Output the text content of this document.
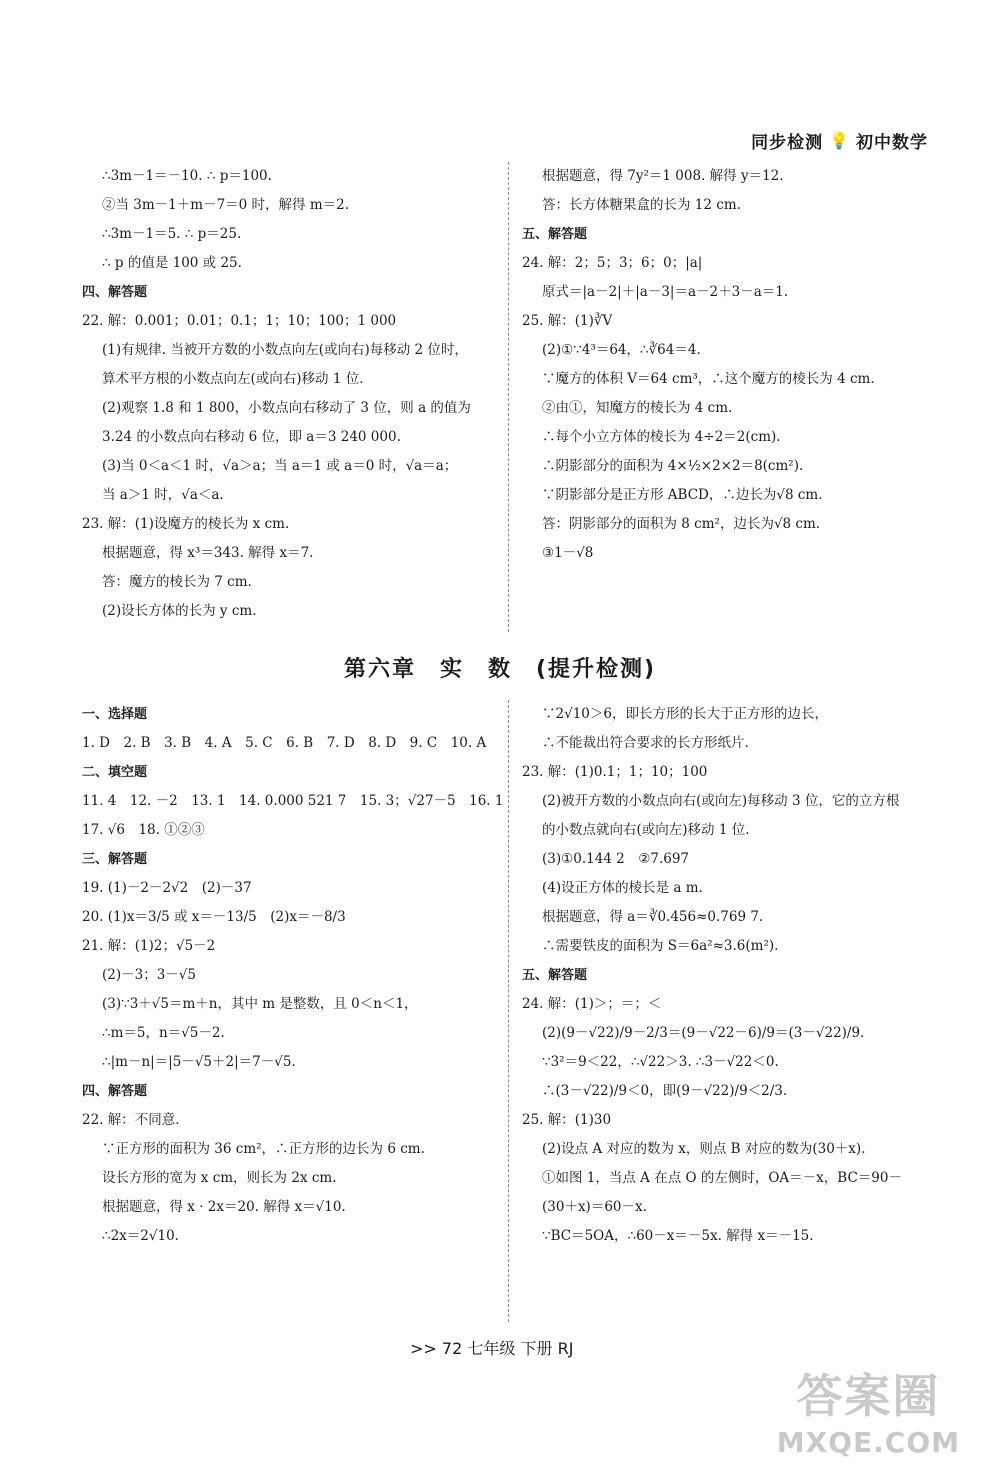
同步检测 💡 初中数学
∴3m－1＝－10. ∴ p＝100.
②当 3m－1＋m－7＝0 时，解得 m＝2.
∴3m－1＝5. ∴ p＝25.
∴ p 的值是 100 或 25.
四、解答题
22. 解：0.001；0.01；0.1；1；10；100；1 000
(1)有规律. 当被开方数的小数点向左(或向右)每移动 2 位时，
算术平方根的小数点向左(或向右)移动 1 位.
(2)观察 1.8 和 1 800，小数点向右移动了 3 位，则 a 的值为
3.24 的小数点向右移动 6 位，即 a＝3 240 000.
(3)当 0＜a＜1 时，√a＞a；当 a＝1 或 a＝0 时，√a＝a；
当 a＞1 时，√a＜a.
23. 解：(1)设魔方的棱长为 x cm.
根据题意，得 x³＝343. 解得 x＝7.
答：魔方的棱长为 7 cm.
(2)设长方体的长为 y cm.
根据题意，得 7y²＝1 008. 解得 y＝12.
答：长方体糖果盒的长为 12 cm.
五、解答题
24. 解：2；5；3；6；0；|a|
原式＝|a－2|＋|a－3|＝a－2＋3－a＝1.
25. 解：(1)∛V
(2)①∵4³＝64，∴∛64＝4.
∵魔方的体积 V＝64 cm³，∴这个魔方的棱长为 4 cm.
②由①，知魔方的棱长为 4 cm.
∴每个小立方体的棱长为 4÷2＝2(cm).
∴阴影部分的面积为 4×½×2×2＝8(cm²).
∵阴影部分是正方形 ABCD，∴边长为√8 cm.
答：阴影部分的面积为 8 cm²，边长为√8 cm.
③1－√8
第六章　实　数　(提升检测)
一、选择题
1. D　2. B　3. B　4. A　5. C　6. B　7. D　8. D　9. C　10. A
二、填空题
11. 4　12. －2　13. 1　14. 0.000 521 7　15. 3；√27－5　16. 1
17. √6　18. ①②③
三、解答题
19. (1)－2－2√2　(2)－37
20. (1)x＝3/5 或 x＝－13/5　(2)x＝－8/3
21. 解：(1)2；√5－2
(2)－3；3－√5
(3)∵3＋√5＝m＋n，其中 m 是整数，且 0＜n＜1，
∴m＝5，n＝√5－2.
∴|m－n|＝|5－√5＋2|＝7－√5.
四、解答题
22. 解：不同意.
∵正方形的面积为 36 cm²，∴正方形的边长为 6 cm.
设长方形的宽为 x cm，则长为 2x cm.
根据题意，得 x · 2x＝20. 解得 x＝√10.
∴2x＝2√10.
∵2√10＞6，即长方形的长大于正方形的边长，
∴不能裁出符合要求的长方形纸片.
23. 解：(1)0.1；1；10；100
(2)被开方数的小数点向右(或向左)每移动 3 位，它的立方根
的小数点就向右(或向左)移动 1 位.
(3)①0.144 2　②7.697
(4)设正方体的棱长是 a m.
根据题意，得 a＝∛0.456≈0.769 7.
∴需要铁皮的面积为 S＝6a²≈3.6(m²).
五、解答题
24. 解：(1)＞；＝；＜
(2)(9－√22)/9－2/3＝(9－√22－6)/9＝(3－√22)/9.
∵3²＝9＜22，∴√22＞3. ∴3－√22＜0.
∴(3－√22)/9＜0，即(9－√22)/9＜2/3.
25. 解：(1)30
(2)设点 A 对应的数为 x，则点 B 对应的数为(30＋x).
①如图 1，当点 A 在点 O 的左侧时，OA＝－x，BC＝90－
(30＋x)＝60－x.
∵BC＝5OA，∴60－x＝－5x. 解得 x＝－15.
>> 72 七年级 下册 RJ
答案圈
MXQE.COM
